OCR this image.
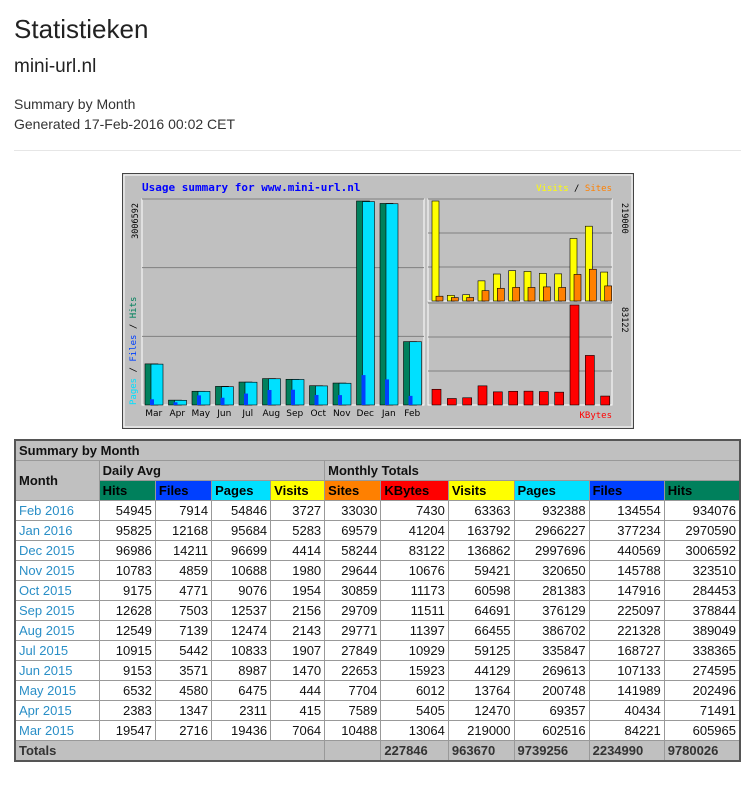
Statistieken
mini-url.nl
Summary by Month
Generated 17-Feb-2016 00:02 CET
Usage summary for www.mini-url.nl	Visits / Sites
Mar Apr May Jun Jul Aug Sep Oct Nov Dec Jan Feb
3006592
Pages / Files / Hits
219000
83122
KBytes
Summary by Month										
Month	Daily Avg				Monthly Totals					
	Hits	Files	Pages	Visits	Sites	KBytes	Visits	Pages	Files	Hits
Feb 2016	54945	7914	54846	3727	33030	7430	63363	932388	134554	934076
Jan 2016	95825	12168	95684	5283	69579	41204	163792	2966227	377234	2970590
Dec 2015	96986	14211	96699	4414	58244	83122	136862	2997696	440569	3006592
Nov 2015	10783	4859	10688	1980	29644	10676	59421	320650	145788	323510
Oct 2015	9175	4771	9076	1954	30859	11173	60598	281383	147916	284453
Sep 2015	12628	7503	12537	2156	29709	11511	64691	376129	225097	378844
Aug 2015	12549	7139	12474	2143	29771	11397	66455	386702	221328	389049
Jul 2015	10915	5442	10833	1907	27849	10929	59125	335847	168727	338365
Jun 2015	9153	3571	8987	1470	22653	15923	44129	269613	107133	274595
May 2015	6532	4580	6475	444	7704	6012	13764	200748	141989	202496
Apr 2015	2383	1347	2311	415	7589	5405	12470	69357	40434	71491
Mar 2015	19547	2716	19436	7064	10488	13064	219000	602516	84221	605965
Totals						227846	963670	9739256	2234990	9780026
